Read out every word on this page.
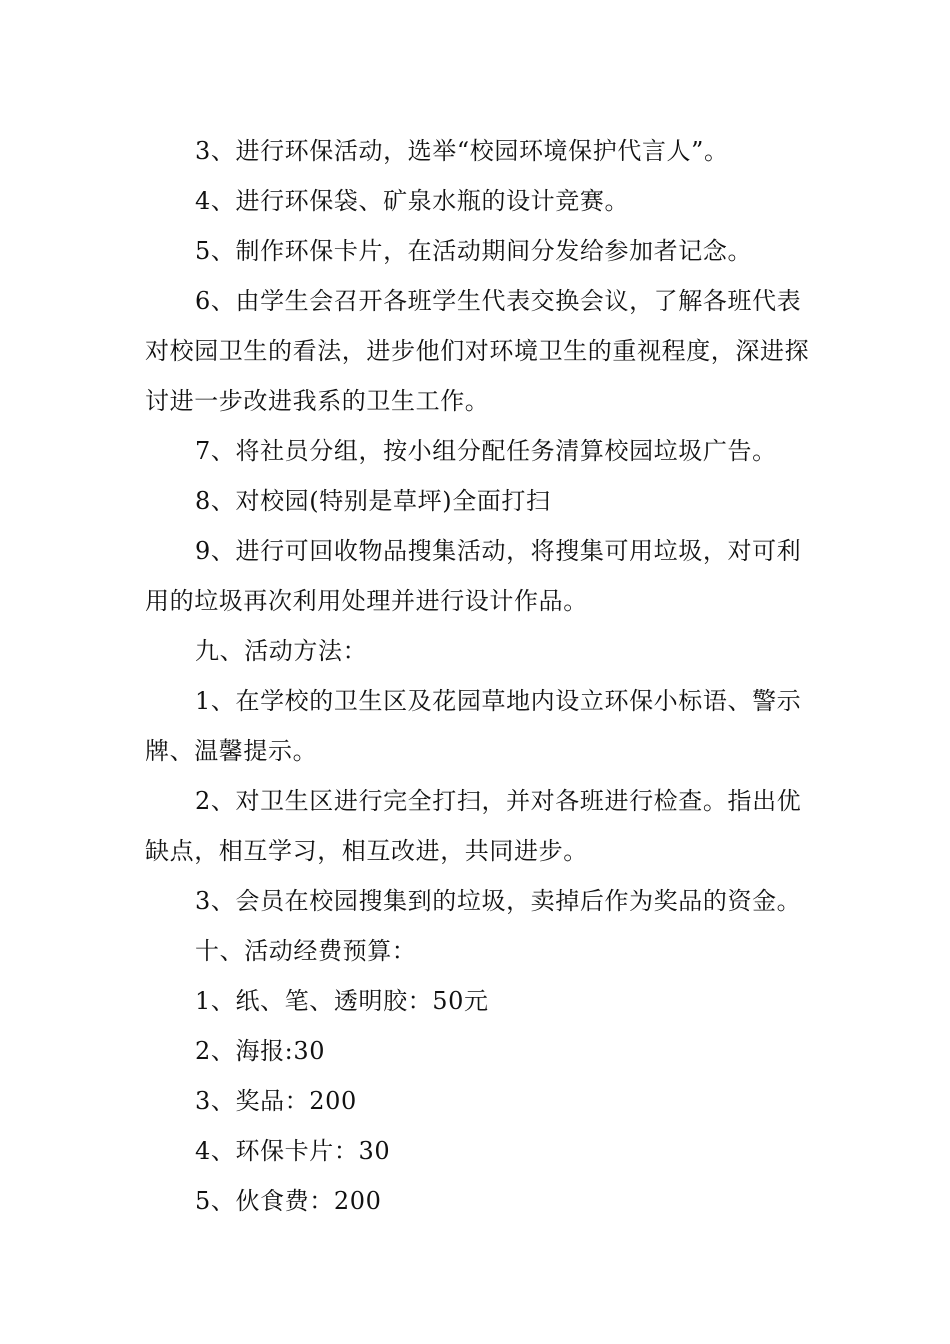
3、进行环保活动，选举“校园环境保护代言人”。

4、进行环保袋、矿泉水瓶的设计竞赛。

5、制作环保卡片，在活动期间分发给参加者记念。

6、由学生会召开各班学生代表交换会议，了解各班代表对校园卫生的看法，进步他们对环境卫生的重视程度，深进探讨进一步改进我系的卫生工作。

7、将社员分组，按小组分配任务清算校园垃圾广告。

8、对校园(特别是草坪)全面打扫

9、进行可回收物品搜集活动，将搜集可用垃圾，对可利用的垃圾再次利用处理并进行设计作品。

九、活动方法：

1、在学校的卫生区及花园草地内设立环保小标语、警示牌、温馨提示。

2、对卫生区进行完全打扫，并对各班进行检查。指出优缺点，相互学习，相互改进，共同进步。

3、会员在校园搜集到的垃圾，卖掉后作为奖品的资金。

十、活动经费预算：

1、纸、笔、透明胶：50元

2、海报:30

3、奖品：200

4、环保卡片：30

5、伙食费：200
